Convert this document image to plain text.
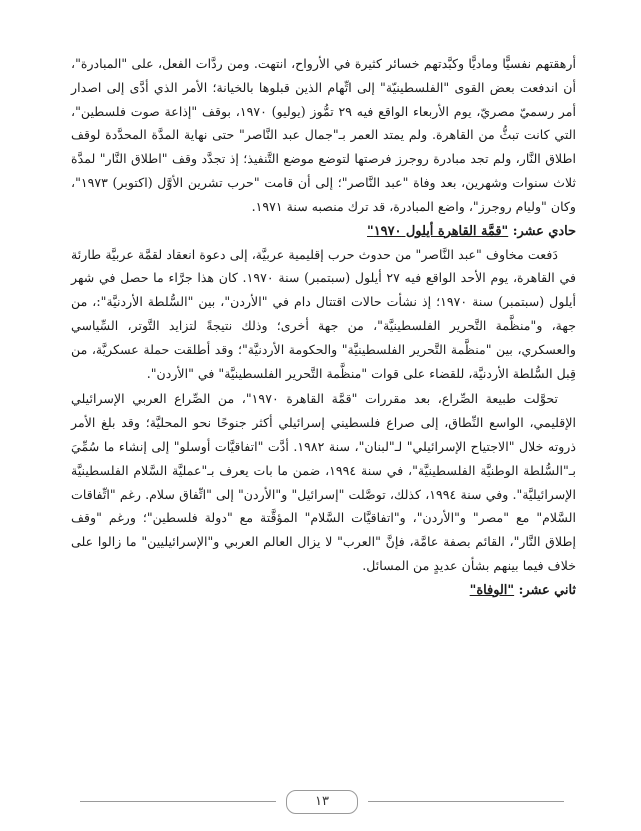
أرهقتهم نفسيًّا وماديًّا وكبَّدتهم خسائر كثيرة في الأرواح، انتهت. ومن ردَّات الفعل، على "المبادرة"، أن اندفعت بعض القوى "الفلسطينيّة" إلى اتِّهام الذين قبلوها بالخيانة؛ الأمر الذي أدَّى إلى اصدار أمر رسميّ مصريّ، يوم الأربعاء الواقع فيه ٢٩ تمُّوز (يوليو) ١٩٧٠، بوقف "إذاعة صوت فلسطين"، التي كانت تبثُّ من القاهرة. ولم يمتد العمر بـ"جمال عبد النَّاصر" حتى نهاية المدَّة المحدَّدة لوقف اطلاق النَّار، ولم تجد مبادرة روجرز فرصتها لتوضع موضع التَّنفيذ؛ إذ تجدَّد وقف "اطلاق النَّار" لمدَّة ثلاث سنوات وشهرين، بعد وفاة "عبد النَّاصر"؛ إلى أن قامت "حرب تشرين الأوَّل (اكتوبر) ١٩٧٣"، وكان "وليام روجرز"، واضع المبادرة، قد ترك منصبه سنة ١٩٧١.

حادي عشر: "قمَّة القاهرة أيلول ١٩٧٠"

دَفعت مخاوف "عبد النَّاصر" من حدوث حرب إقليمية عربيَّة، إلى دعوة انعقاد لقمَّة عربيَّة طارئة في القاهرة، يوم الأحد الواقع فيه ٢٧ أيلول (سبتمبر) سنة ١٩٧٠. كان هذا جرَّاء ما حصل في شهر أيلول (سبتمبر) سنة ١٩٧٠؛ إذ نشأت حالات اقتتال دام في "الأردن"، بين "السُّلطة الأردنيَّة":، من جهة، و"منظَّمة التَّحرير الفلسطينيَّة"، من جهة أخرى؛ وذلك نتيجةً لتزايد التَّوتر، السِّياسي والعسكري، بين "منظَّمة التَّحرير الفلسطينيَّة" والحكومة الأردنيَّة"؛ وقد أطلقت حملة عسكريَّة، من قِبل السُّلطة الأردنيَّة، للقضاء على قوات "منظَّمة التَّحرير الفلسطينيَّة" في "الأردن".

تحوَّلت طبيعة الصِّراع، بعد مقررات "قمَّة القاهرة ١٩٧٠"، من الصِّراع العربي الإسرائيلي الإقليمي، الواسع النِّطاق، إلى صراع فلسطيني إسرائيلي أكثر جنوحًا نحو المحليَّة؛ وقد بلغ الأمر ذروته خلال "الاجتياح الإسرائيلي" لـ"لبنان"، سنة ١٩٨٢. أدَّت "اتفاقيَّات أوسلو" إلى إنشاء ما سُمِّيَ بـ"السُّلطة الوطنيَّة الفلسطينيَّة"، في سنة ١٩٩٤، ضمن ما بات يعرف بـ"عمليَّة السَّلام الفلسطينيَّة الإسرائيليَّة". وفي سنة ١٩٩٤، كذلك، توصَّلت "إسرائيل" و"الأردن" إلى "اتِّفاق سلام. رغم "اتِّفاقات السَّلام" مع "مصر" و"الأردن"، و"اتفاقيَّات السَّلام" المؤقَّتة مع "دولة فلسطين"؛ ورغم "وقف إطلاق النَّار"، القائم بصفة عامَّة، فإنَّ "العرب" لا يزال العالم العربي و"الإسرائيليين" ما زالوا على خلاف فيما بينهم بشأن عديدٍ من المسائل.

ثاني عشر: "الوفاة"
١٣
